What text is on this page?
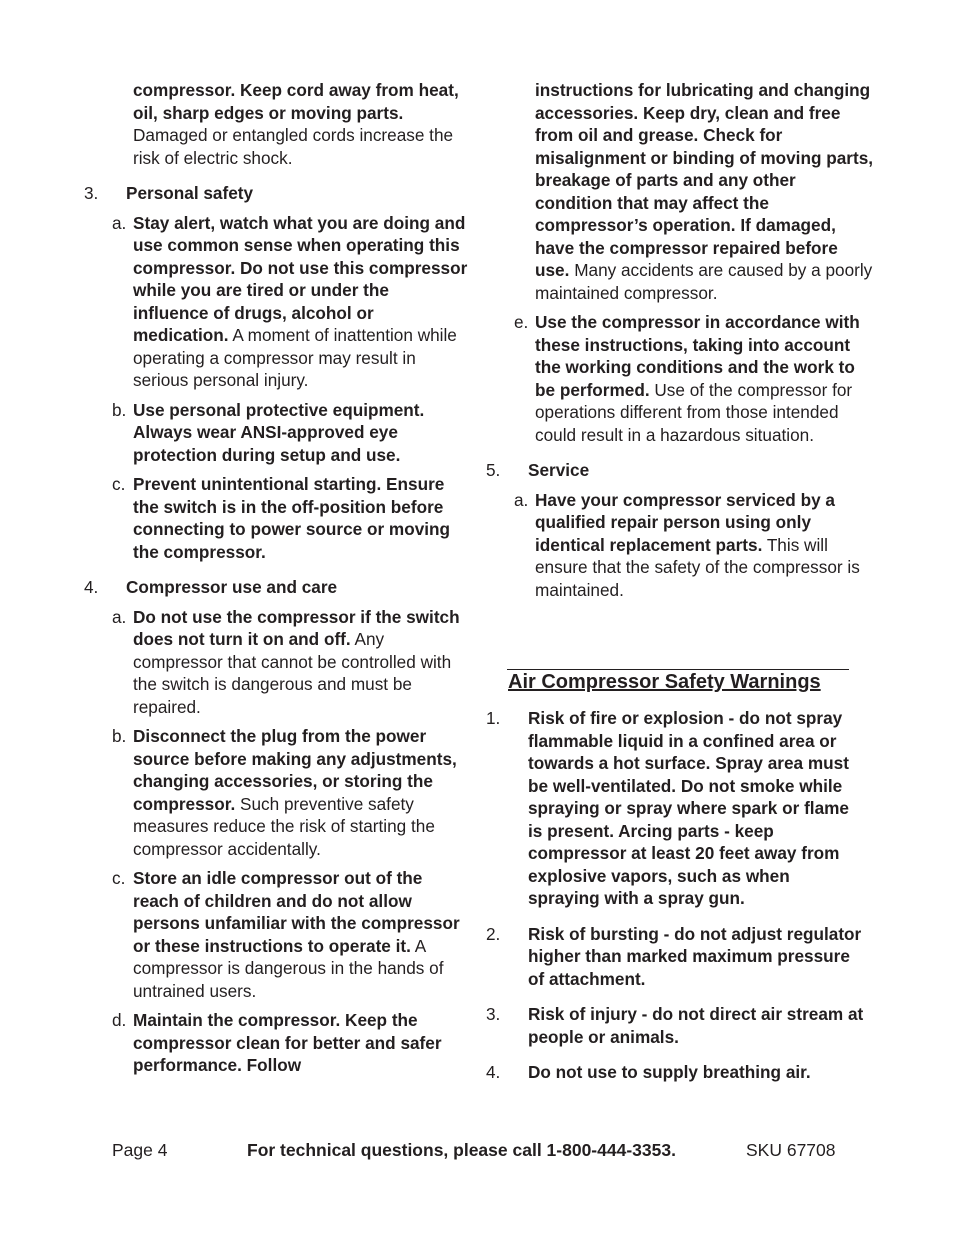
compressor. Keep cord away from heat, oil, sharp edges or moving parts. Damaged or entangled cords increase the risk of electric shock.
3. Personal safety
a. Stay alert, watch what you are doing and use common sense when operating this compressor. Do not use this compressor while you are tired or under the influence of drugs, alcohol or medication. A moment of inattention while operating a compressor may result in serious personal injury.
b. Use personal protective equipment. Always wear ANSI-approved eye protection during setup and use.
c. Prevent unintentional starting. Ensure the switch is in the off-position before connecting to power source or moving the compressor.
4. Compressor use and care
a. Do not use the compressor if the switch does not turn it on and off. Any compressor that cannot be controlled with the switch is dangerous and must be repaired.
b. Disconnect the plug from the power source before making any adjustments, changing accessories, or storing the compressor. Such preventive safety measures reduce the risk of starting the compressor accidentally.
c. Store an idle compressor out of the reach of children and do not allow persons unfamiliar with the compressor or these instructions to operate it. A compressor is dangerous in the hands of untrained users.
d. Maintain the compressor. Keep the compressor clean for better and safer performance. Follow
instructions for lubricating and changing accessories. Keep dry, clean and free from oil and grease. Check for misalignment or binding of moving parts, breakage of parts and any other condition that may affect the compressor’s operation. If damaged, have the compressor repaired before use. Many accidents are caused by a poorly maintained compressor.
e. Use the compressor in accordance with these instructions, taking into account the working conditions and the work to be performed. Use of the compressor for operations different from those intended could result in a hazardous situation.
5. Service
a. Have your compressor serviced by a qualified repair person using only identical replacement parts. This will ensure that the safety of the compressor is maintained.
Air Compressor Safety Warnings
1. Risk of fire or explosion - do not spray flammable liquid in a confined area or towards a hot surface. Spray area must be well-ventilated. Do not smoke while spraying or spray where spark or flame is present. Arcing parts - keep compressor at least 20 feet away from explosive vapors, such as when spraying with a spray gun.
2. Risk of bursting - do not adjust regulator higher than marked maximum pressure of attachment.
3. Risk of injury - do not direct air stream at people or animals.
4. Do not use to supply breathing air.
Page 4	For technical questions, please call 1-800-444-3353.	SKU 67708
